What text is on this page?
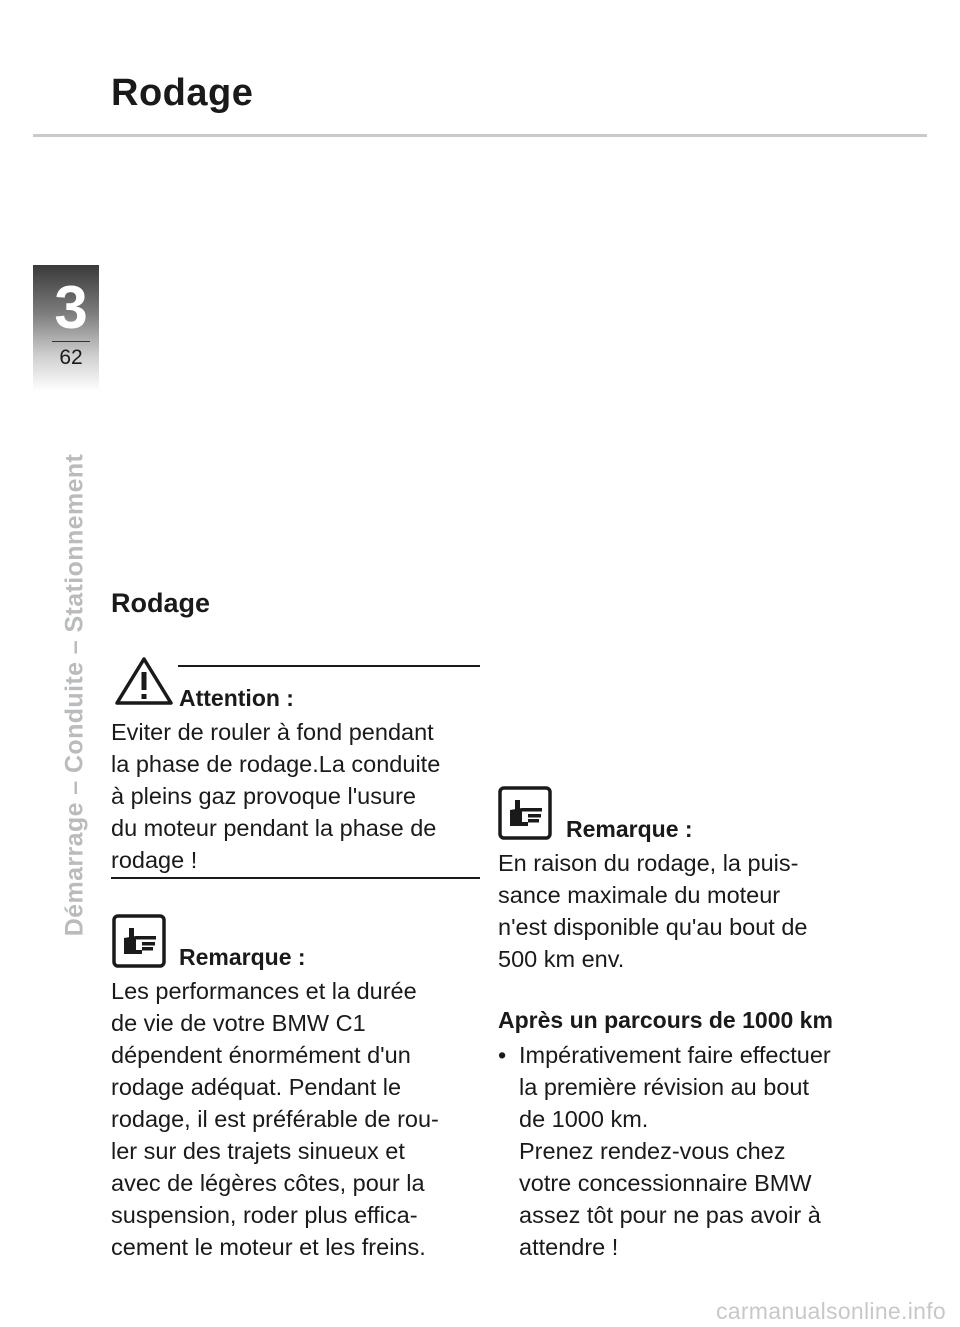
Rodage
3
62
Démarrage – Conduite – Stationnement Rodage
Attention :

Eviter de rouler à fond pendant

la phase de rodage.La conduite

à pleins gaz provoque l'usure

du moteur pendant la phase de

rodage !

Remarque :

Les performances et la durée

de vie de votre BMW C1

dépendent énormément d'un

rodage adéquat. Pendant le

rodage, il est préférable de rou-

ler sur des trajets sinueux et

avec de légères côtes, pour la

suspension, roder plus effica-

cement le moteur et les freins.

Remarque :

En raison du rodage, la puis-

sance maximale du moteur

n'est disponible qu'au bout de

500 km env.

Après un parcours de 1000 km
• Impérativement faire effectuer

la première révision au bout

de 1000 km.

Prenez rendez-vous chez

votre concessionnaire BMW

assez tôt pour ne pas avoir à

attendre !

carmanualsonline.info
